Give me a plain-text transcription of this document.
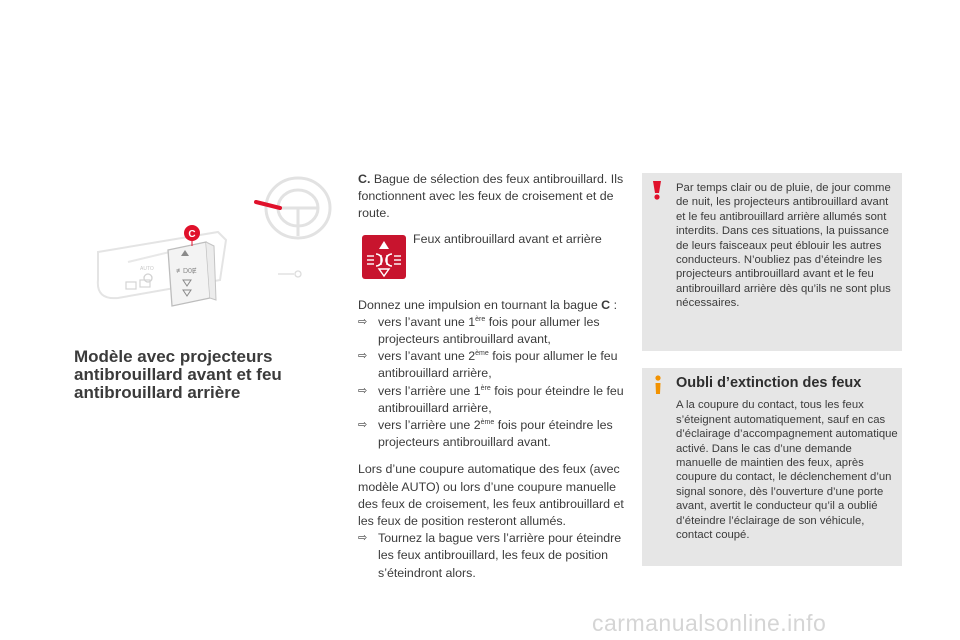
AUTO	≢D0Ɇ
C
Modèle avec projecteurs antibrouillard avant et feu antibrouillard arrière

C. Bague de sélection des feux antibrouillard. Ils fonctionnent avec les feux de croisement et de route.

Feux antibrouillard avant et arrière

Donnez une impulsion en tournant la bague C :

⇨ vers l’avant une 1ère fois pour allumer les projecteurs antibrouillard avant,
⇨ vers l’avant une 2ème fois pour allumer le feu antibrouillard arrière,
⇨ vers l’arrière une 1ère fois pour éteindre le feu antibrouillard arrière,
⇨ vers l’arrière une 2ème fois pour éteindre les projecteurs antibrouillard avant.

Lors d’une coupure automatique des feux (avec modèle AUTO) ou lors d’une coupure manuelle des feux de croisement, les feux antibrouillard et les feux de position resteront allumés.

⇨ Tournez la bague vers l’arrière pour éteindre les feux antibrouillard, les feux de position s’éteindront alors.
Par temps clair ou de pluie, de jour comme de nuit, les projecteurs antibrouillard avant et le feu antibrouillard arrière allumés sont interdits. Dans ces situations, la puissance de leurs faisceaux peut éblouir les autres conducteurs. N’oubliez pas d’éteindre les projecteurs antibrouillard avant et le feu antibrouillard arrière dès qu’ils ne sont plus nécessaires.
Oubli d’extinction des feux
A la coupure du contact, tous les feux s’éteignent automatiquement, sauf en cas d’éclairage d’accompagnement automatique activé. Dans le cas d’une demande manuelle de maintien des feux, après coupure du contact, le déclenchement d’un signal sonore, dès l’ouverture d’une porte avant, avertit le conducteur qu’il a oublié d’éteindre l’éclairage de son véhicule, contact coupé.
carmanualsonline.info
